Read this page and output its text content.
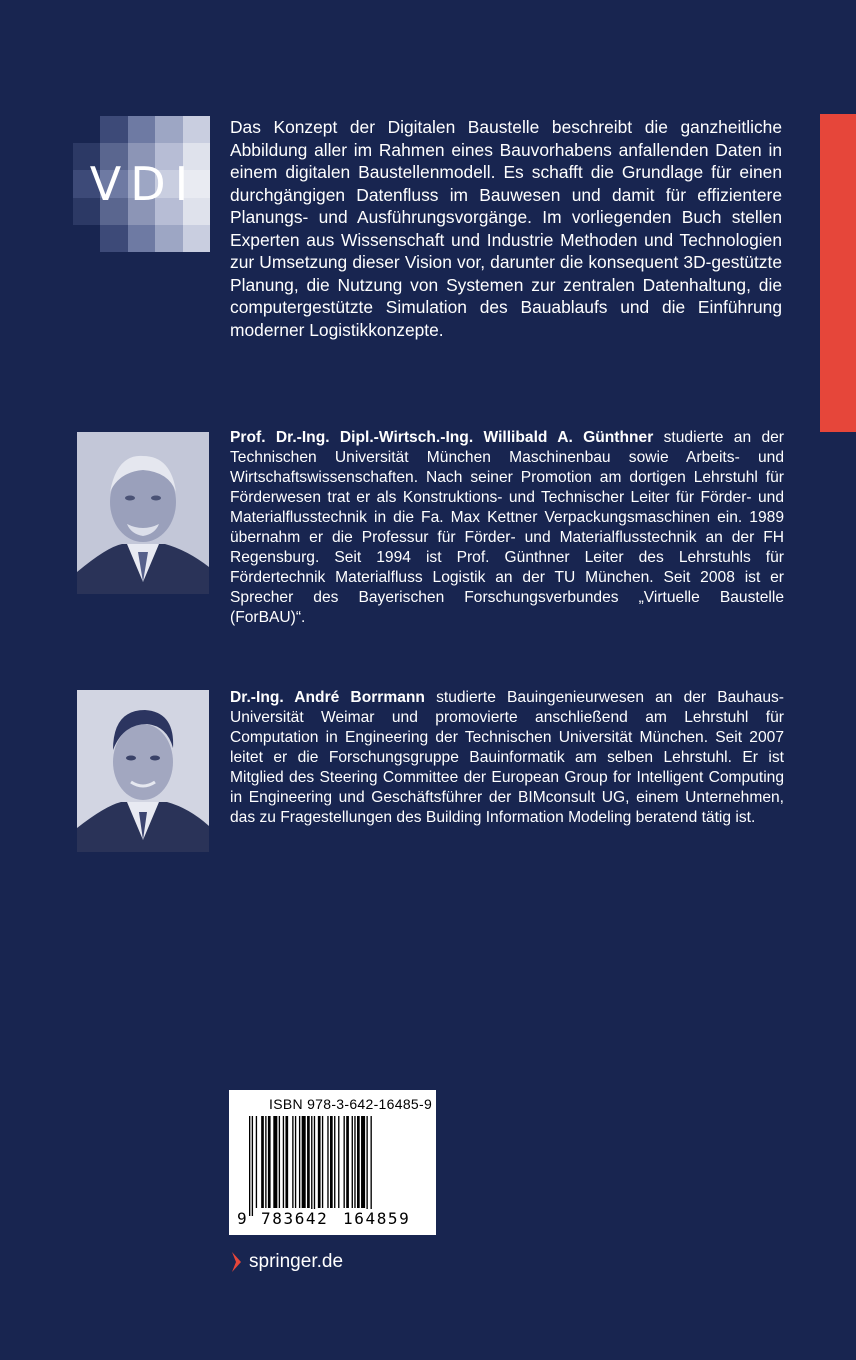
VDI

Das Konzept der Digitalen Baustelle beschreibt die ganzheitliche Abbildung aller im Rahmen eines Bauvorhabens anfallenden Daten in einem digitalen Baustellenmodell. Es schafft die Grundlage für einen durchgängigen Datenfluss im Bauwesen und damit für effizientere Planungs- und Ausführungsvorgänge. Im vorliegenden Buch stellen Experten aus Wissenschaft und Industrie Methoden und Technologien zur Umsetzung dieser Vision vor, darunter die konsequent 3D-gestützte Planung, die Nutzung von Systemen zur zentralen Datenhaltung, die computergestützte Simulation des Bauablaufs und die Einführung moderner Logistikkonzepte.

Prof. Dr.-Ing. Dipl.-Wirtsch.-Ing. Willibald A. Günthner studierte an der Technischen Universität München Maschinenbau sowie Arbeits- und Wirtschaftswissenschaften. Nach seiner Promotion am dortigen Lehrstuhl für Förderwesen trat er als Konstruktions- und Technischer Leiter für Förder- und Materialflusstechnik in die Fa. Max Kettner Verpackungsmaschinen ein. 1989 übernahm er die Professur für Förder- und Materialflusstechnik an der FH Regensburg. Seit 1994 ist Prof. Günthner Leiter des Lehrstuhls für Fördertechnik Materialfluss Logistik an der TU München. Seit 2008 ist er Sprecher des Bayerischen Forschungsverbundes „Virtuelle Baustelle (ForBAU)“.

Dr.-Ing. André Borrmann studierte Bauingenieurwesen an der Bauhaus-Universität Weimar und promovierte anschließend am Lehrstuhl für Computation in Engineering der Technischen Universität München. Seit 2007 leitet er die Forschungsgruppe Bauinformatik am selben Lehrstuhl. Er ist Mitglied des Steering Committee der European Group for Intelligent Computing in Engineering und Geschäftsführer der BIMconsult UG, einem Unternehmen, das zu Fragestellungen des Building Information Modeling beratend tätig ist.

ISBN 978-3-642-16485-9
9 783642 164859
springer.de
